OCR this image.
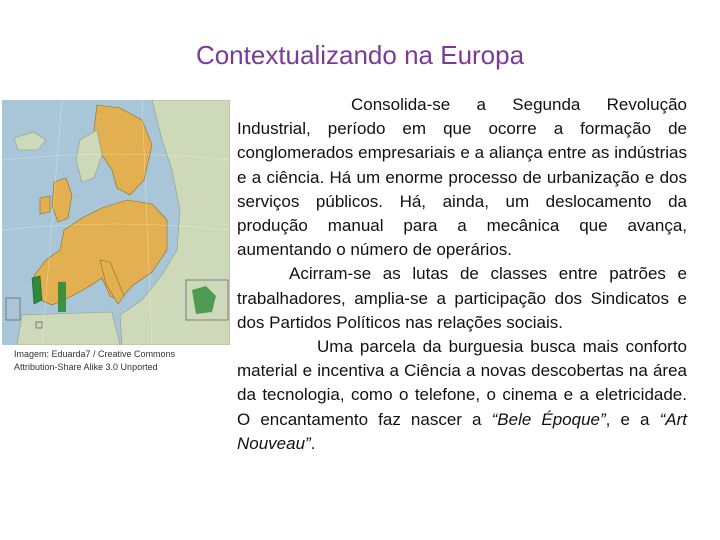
Contextualizando na Europa
Imagem: Eduarda7 / Creative Commons
Attribution-Share Alike 3.0 Unported

Consolida-se a Segunda Revolução Industrial, período em que ocorre a formação de conglomerados empresariais e a aliança entre as indústrias e a ciência. Há um enorme processo de urbanização e dos serviços públicos. Há, ainda, um deslocamento da produção manual para a mecânica que avança, aumentando o número de operários.

Acirram-se as lutas de classes entre patrões e trabalhadores, amplia-se a participação dos Sindicatos e dos Partidos Políticos nas relações sociais.

Uma parcela da burguesia busca mais conforto material e incentiva a Ciência a novas descobertas na área da tecnologia, como o telefone, o cinema e a eletricidade. O encantamento faz nascer a “Bele Époque”, e a “Art Nouveau”.
